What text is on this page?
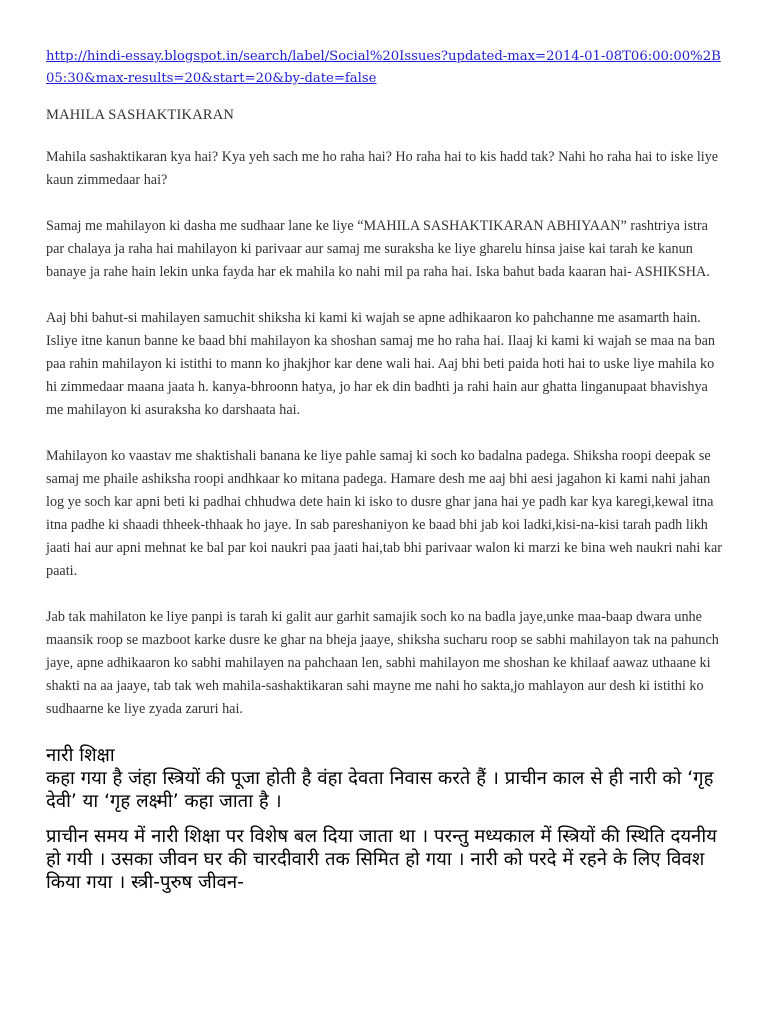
http://hindi-essay.blogspot.in/search/label/Social%20Issues?updated-max=2014-01-08T06:00:00%2B05:30&max-results=20&start=20&by-date=false
MAHILA SASHAKTIKARAN

Mahila sashaktikaran kya hai? Kya yeh sach me ho raha hai? Ho raha hai to kis hadd tak? Nahi ho raha hai to iske liye kaun zimmedaar hai?

Samaj me mahilayon ki dasha me sudhaar lane ke liye “MAHILA SASHAKTIKARAN ABHIYAAN” rashtriya istra par chalaya ja raha hai mahilayon ki parivaar aur samaj me suraksha ke liye gharelu hinsa jaise kai tarah ke kanun banaye ja rahe hain lekin unka fayda har ek mahila ko nahi mil pa raha hai. Iska bahut bada kaaran hai- ASHIKSHA.

Aaj bhi bahut-si mahilayen samuchit shiksha ki kami ki wajah se apne adhikaaron ko pahchanne me asamarth hain. Isliye itne kanun banne ke baad bhi mahilayon ka shoshan samaj me ho raha hai. Ilaaj ki kami ki wajah se maa na ban paa rahin mahilayon ki istithi to mann ko jhakjhor kar dene wali hai. Aaj bhi beti paida hoti hai to uske liye mahila ko hi zimmedaar maana jaata h. kanya-bhroonn hatya, jo har ek din badhti ja rahi hain aur ghatta linganupaat bhavishya me mahilayon ki asuraksha ko darshaata hai.

Mahilayon ko vaastav me shaktishali banana ke liye pahle samaj ki soch ko badalna padega. Shiksha roopi deepak se samaj me phaile ashiksha roopi andhkaar ko mitana padega. Hamare desh me aaj bhi aesi jagahon ki kami nahi jahan log ye soch kar apni beti ki padhai chhudwa dete hain ki isko to dusre ghar jana hai ye padh kar kya karegi,kewal itna itna padhe ki shaadi thheek-thhaak ho jaye. In sab pareshaniyon ke baad bhi jab koi ladki,kisi-na-kisi tarah padh likh jaati hai aur apni mehnat ke bal par koi naukri paa jaati hai,tab bhi parivaar walon ki marzi ke bina weh naukri nahi kar paati.

Jab tak mahilaton ke liye panpi is tarah ki galit aur garhit samajik soch ko na badla jaye,unke maa-baap dwara unhe maansik roop se mazboot karke dusre ke ghar na bheja jaaye, shiksha sucharu roop se sabhi mahilayon tak na pahunch jaye, apne adhikaaron ko sabhi mahilayen na pahchaan len, sabhi mahilayon me shoshan ke khilaaf aawaz uthaane ki shakti na aa jaaye, tab tak weh mahila-sashaktikaran sahi mayne me nahi ho sakta,jo mahlayon aur desh ki istithi ko sudhaarne ke liye zyada zaruri hai.

नारी शिक्षा

कहा गया है जंहा स्त्रियों की पूजा होती है वंहा देवता निवास करते हैं । प्राचीन काल से ही नारी को ‘गृह देवी’ या ‘गृह लक्ष्मी’ कहा जाता है ।

प्राचीन समय में नारी शिक्षा पर विशेष बल दिया जाता था । परन्तु मध्यकाल में स्त्रियों की स्थिति दयनीय हो गयी । उसका जीवन घर की चारदीवारी तक सिमित हो गया । नारी को परदे में रहने के लिए विवश किया गया । स्त्री-पुरुष जीवन-
